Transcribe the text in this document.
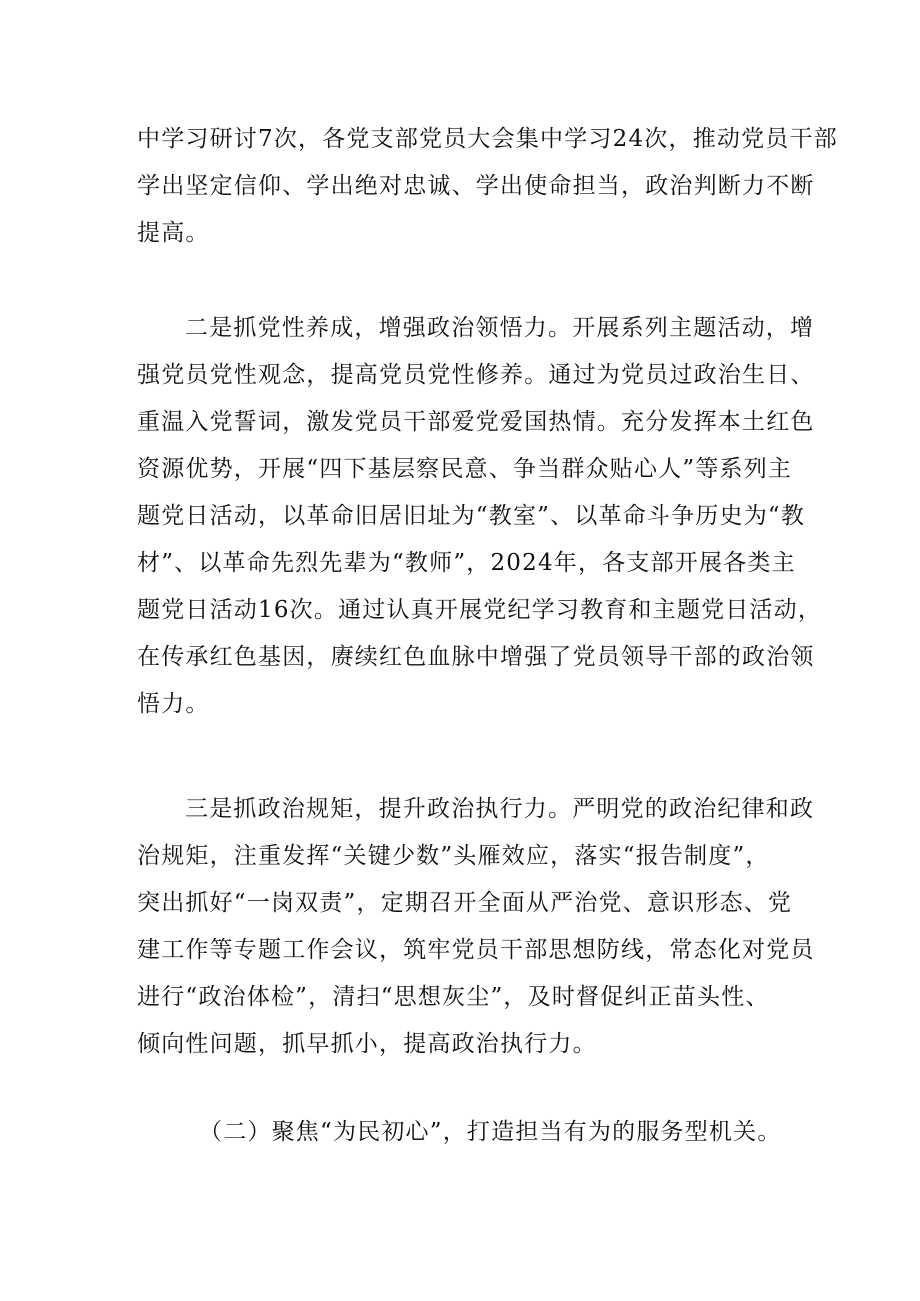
中学习研讨7次，各党支部党员大会集中学习24次，推动党员干部
学出坚定信仰、学出绝对忠诚、学出使命担当，政治判断力不断
提高。
二是抓党性养成，增强政治领悟力。开展系列主题活动，增
强党员党性观念，提高党员党性修养。通过为党员过政治生日、
重温入党誓词，激发党员干部爱党爱国热情。充分发挥本土红色
资源优势，开展“四下基层察民意、争当群众贴心人”等系列主
题党日活动，以革命旧居旧址为“教室”、以革命斗争历史为“教
材”、以革命先烈先辈为“教师”，2024年，各支部开展各类主
题党日活动16次。通过认真开展党纪学习教育和主题党日活动，
在传承红色基因，赓续红色血脉中增强了党员领导干部的政治领
悟力。
三是抓政治规矩，提升政治执行力。严明党的政治纪律和政
治规矩，注重发挥“关键少数”头雁效应，落实“报告制度”，
突出抓好“一岗双责”，定期召开全面从严治党、意识形态、党
建工作等专题工作会议，筑牢党员干部思想防线，常态化对党员
进行“政治体检”，清扫“思想灰尘”，及时督促纠正苗头性、
倾向性问题，抓早抓小，提高政治执行力。
（二）聚焦“为民初心”，打造担当有为的服务型机关。
